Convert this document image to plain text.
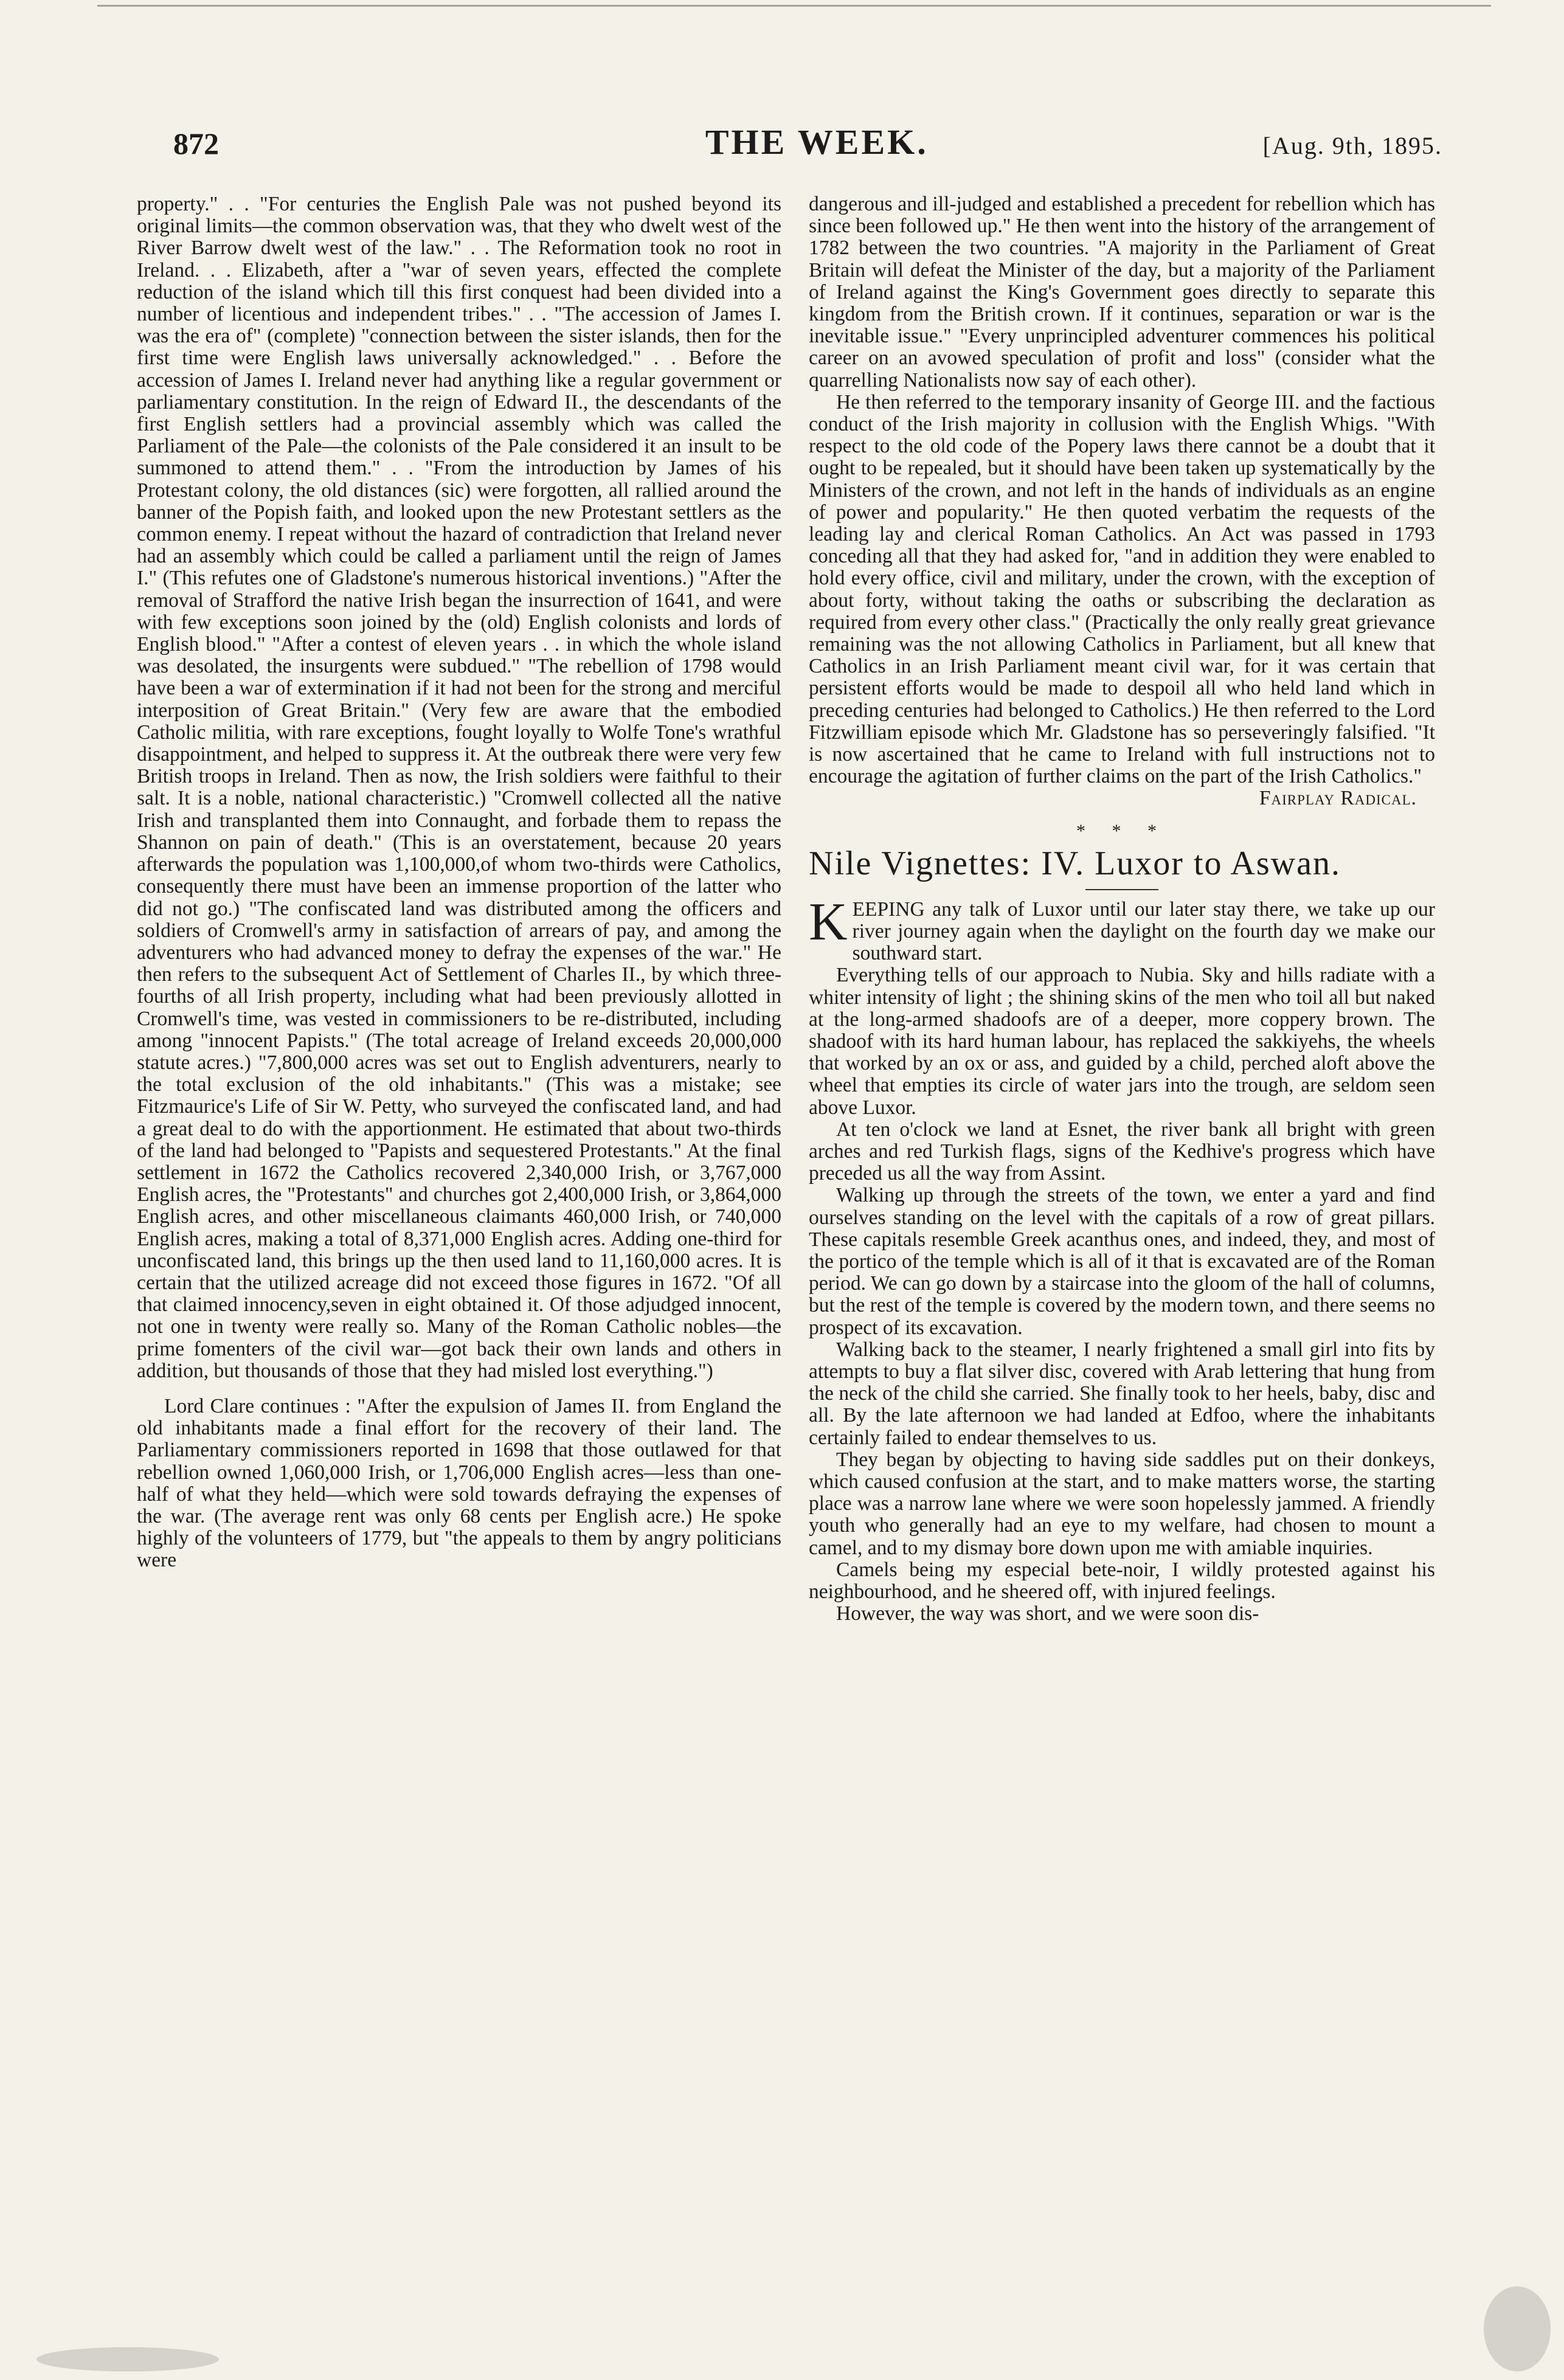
872	THE WEEK.	[Aug. 9th, 1895.

property." . . "For centuries the English Pale was not pushed beyond its original limits—the common observation was, that they who dwelt west of the River Barrow dwelt west of the law." . . The Reformation took no root in Ireland. . . Elizabeth, after a "war of seven years, effected the complete reduction of the island which till this first conquest had been divided into a number of licentious and independent tribes." . . "The accession of James I. was the era of" (complete) "connection between the sister islands, then for the first time were English laws universally acknowledged." . . Before the accession of James I. Ireland never had anything like a regular government or parliamentary constitution. In the reign of Edward II., the descendants of the first English settlers had a provincial assembly which was called the Parliament of the Pale—the colonists of the Pale considered it an insult to be summoned to attend them." . . "From the introduction by James of his Protestant colony, the old distances (sic) were forgotten, all rallied around the banner of the Popish faith, and looked upon the new Protestant settlers as the common enemy. I repeat without the hazard of contradiction that Ireland never had an assembly which could be called a parliament until the reign of James I." (This refutes one of Gladstone's numerous historical inventions.) "After the removal of Strafford the native Irish began the insurrection of 1641, and were with few exceptions soon joined by the (old) English colonists and lords of English blood." "After a contest of eleven years . . in which the whole island was desolated, the insurgents were subdued." "The rebellion of 1798 would have been a war of extermination if it had not been for the strong and merciful interposition of Great Britain." (Very few are aware that the embodied Catholic militia, with rare exceptions, fought loyally to Wolfe Tone's wrathful disappointment, and helped to suppress it. At the outbreak there were very few British troops in Ireland. Then as now, the Irish soldiers were faithful to their salt. It is a noble, national characteristic.) "Cromwell collected all the native Irish and transplanted them into Connaught, and forbade them to repass the Shannon on pain of death." (This is an overstatement, because 20 years afterwards the population was 1,100,000,of whom two-thirds were Catholics, consequently there must have been an immense proportion of the latter who did not go.) "The confiscated land was distributed among the officers and soldiers of Cromwell's army in satisfaction of arrears of pay, and among the adventurers who had advanced money to defray the expenses of the war." He then refers to the subsequent Act of Settlement of Charles II., by which three-fourths of all Irish property, including what had been previously allotted in Cromwell's time, was vested in commissioners to be re-distributed, including among "innocent Papists." (The total acreage of Ireland exceeds 20,000,000 statute acres.) "7,800,000 acres was set out to English adventurers, nearly to the total exclusion of the old inhabitants." (This was a mistake; see Fitzmaurice's Life of Sir W. Petty, who surveyed the confiscated land, and had a great deal to do with the apportionment. He estimated that about two-thirds of the land had belonged to "Papists and sequestered Protestants." At the final settlement in 1672 the Catholics recovered 2,340,000 Irish, or 3,767,000 English acres, the "Protestants" and churches got 2,400,000 Irish, or 3,864,000 English acres, and other miscellaneous claimants 460,000 Irish, or 740,000 English acres, making a total of 8,371,000 English acres. Adding one-third for unconfiscated land, this brings up the then used land to 11,160,000 acres. It is certain that the utilized acreage did not exceed those figures in 1672. "Of all that claimed innocency,seven in eight obtained it. Of those adjudged innocent, not one in twenty were really so. Many of the Roman Catholic nobles—the prime fomenters of the civil war—got back their own lands and others in addition, but thousands of those that they had misled lost everything.")

Lord Clare continues : "After the expulsion of James II. from England the old inhabitants made a final effort for the recovery of their land. The Parliamentary commissioners reported in 1698 that those outlawed for that rebellion owned 1,060,000 Irish, or 1,706,000 English acres—less than one-half of what they held—which were sold towards defraying the expenses of the war. (The average rent was only 68 cents per English acre.) He spoke highly of the volunteers of 1779, but "the appeals to them by angry politicians were

dangerous and ill-judged and established a precedent for rebellion which has since been followed up." He then went into the history of the arrangement of 1782 between the two countries. "A majority in the Parliament of Great Britain will defeat the Minister of the day, but a majority of the Parliament of Ireland against the King's Government goes directly to separate this kingdom from the British crown. If it continues, separation or war is the inevitable issue." "Every unprincipled adventurer commences his political career on an avowed speculation of profit and loss" (consider what the quarrelling Nationalists now say of each other).

He then referred to the temporary insanity of George III. and the factious conduct of the Irish majority in collusion with the English Whigs. "With respect to the old code of the Popery laws there cannot be a doubt that it ought to be repealed, but it should have been taken up systematically by the Ministers of the crown, and not left in the hands of individuals as an engine of power and popularity." He then quoted verbatim the requests of the leading lay and clerical Roman Catholics. An Act was passed in 1793 conceding all that they had asked for, "and in addition they were enabled to hold every office, civil and military, under the crown, with the exception of about forty, without taking the oaths or subscribing the declaration as required from every other class." (Practically the only really great grievance remaining was the not allowing Catholics in Parliament, but all knew that Catholics in an Irish Parliament meant civil war, for it was certain that persistent efforts would be made to despoil all who held land which in preceding centuries had belonged to Catholics.) He then referred to the Lord Fitzwilliam episode which Mr. Gladstone has so perseveringly falsified. "It is now ascertained that he came to Ireland with full instructions not to encourage the agitation of further claims on the part of the Irish Catholics."

Fairplay Radical.

* * *
Nile Vignettes: IV. Luxor to Aswan.

KEEPING any talk of Luxor until our later stay there, we take up our river journey again when the daylight on the fourth day we make our southward start.

Everything tells of our approach to Nubia. Sky and hills radiate with a whiter intensity of light ; the shining skins of the men who toil all but naked at the long-armed shadoofs are of a deeper, more coppery brown. The shadoof with its hard human labour, has replaced the sakkiyehs, the wheels that worked by an ox or ass, and guided by a child, perched aloft above the wheel that empties its circle of water jars into the trough, are seldom seen above Luxor.

At ten o'clock we land at Esnet, the river bank all bright with green arches and red Turkish flags, signs of the Kedhive's progress which have preceded us all the way from Assint.

Walking up through the streets of the town, we enter a yard and find ourselves standing on the level with the capitals of a row of great pillars. These capitals resemble Greek acanthus ones, and indeed, they, and most of the portico of the temple which is all of it that is excavated are of the Roman period. We can go down by a staircase into the gloom of the hall of columns, but the rest of the temple is covered by the modern town, and there seems no prospect of its excavation.

Walking back to the steamer, I nearly frightened a small girl into fits by attempts to buy a flat silver disc, covered with Arab lettering that hung from the neck of the child she carried. She finally took to her heels, baby, disc and all. By the late afternoon we had landed at Edfoo, where the inhabitants certainly failed to endear themselves to us.

They began by objecting to having side saddles put on their donkeys, which caused confusion at the start, and to make matters worse, the starting place was a narrow lane where we were soon hopelessly jammed. A friendly youth who generally had an eye to my welfare, had chosen to mount a camel, and to my dismay bore down upon me with amiable inquiries.

Camels being my especial bete-noir, I wildly protested against his neighbourhood, and he sheered off, with injured feelings.

However, the way was short, and we were soon dis-
